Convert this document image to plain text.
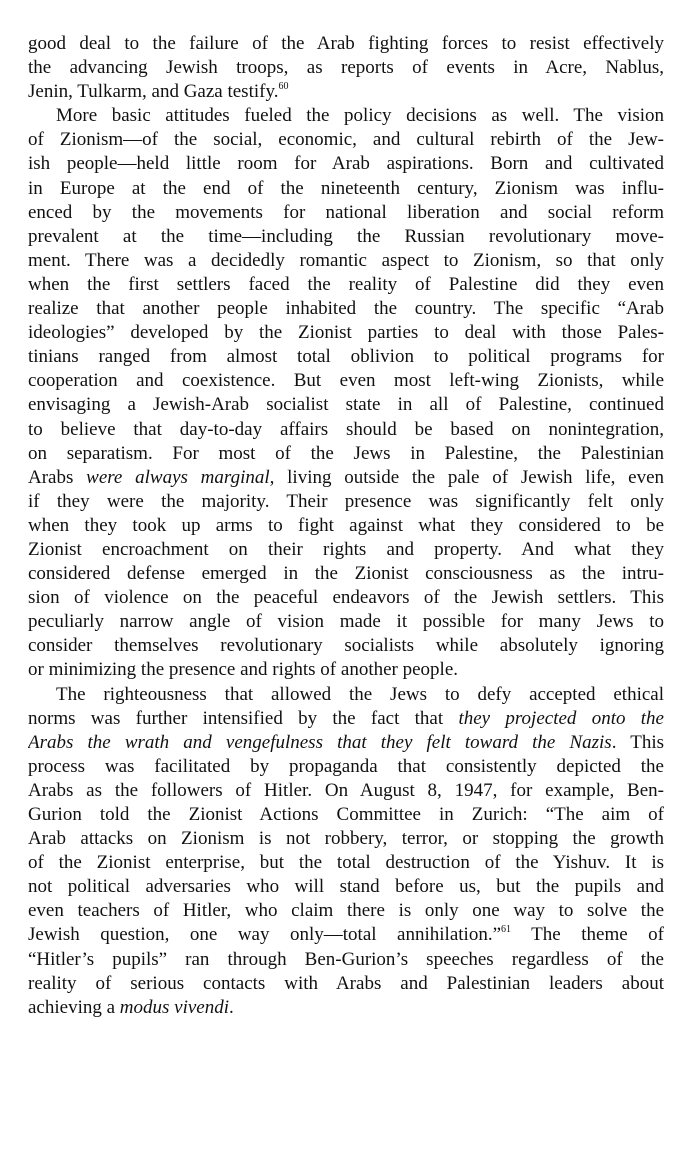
good deal to the failure of the Arab fighting forces to resist effectively
the advancing Jewish troops, as reports of events in Acre, Nablus,
Jenin, Tulkarm, and Gaza testify.$^{60}$
More basic attitudes fueled the policy decisions as well. The vision
of Zionism—of the social, economic, and cultural rebirth of the Jew-
ish people—held little room for Arab aspirations. Born and cultivated
in Europe at the end of the nineteenth century, Zionism was influ-
enced by the movements for national liberation and social reform
prevalent at the time—including the Russian revolutionary move-
ment. There was a decidedly romantic aspect to Zionism, so that only
when the first settlers faced the reality of Palestine did they even
realize that another people inhabited the country. The specific “Arab
ideologies” developed by the Zionist parties to deal with those Pales-
tinians ranged from almost total oblivion to political programs for
cooperation and coexistence. But even most left-wing Zionists, while
envisaging a Jewish-Arab socialist state in all of Palestine, continued
to believe that day-to-day affairs should be based on nonintegration,
on separatism. For most of the Jews in Palestine, the Palestinian
Arabs were always marginal, living outside the pale of Jewish life, even
if they were the majority. Their presence was significantly felt only
when they took up arms to fight against what they considered to be
Zionist encroachment on their rights and property. And what they
considered defense emerged in the Zionist consciousness as the intru-
sion of violence on the peaceful endeavors of the Jewish settlers. This
peculiarly narrow angle of vision made it possible for many Jews to
consider themselves revolutionary socialists while absolutely ignoring
or minimizing the presence and rights of another people.
The righteousness that allowed the Jews to defy accepted ethical
norms was further intensified by the fact that they projected onto the
Arabs the wrath and vengefulness that they felt toward the Nazis. This
process was facilitated by propaganda that consistently depicted the
Arabs as the followers of Hitler. On August 8, 1947, for example, Ben-
Gurion told the Zionist Actions Committee in Zurich: “The aim of
Arab attacks on Zionism is not robbery, terror, or stopping the growth
of the Zionist enterprise, but the total destruction of the Yishuv. It is
not political adversaries who will stand before us, but the pupils and
even teachers of Hitler, who claim there is only one way to solve the
Jewish question, one way only—total annihilation.”$^{61}$ The theme of
“Hitler’s pupils” ran through Ben-Gurion’s speeches regardless of the
reality of serious contacts with Arabs and Palestinian leaders about
achieving a modus vivendi.
